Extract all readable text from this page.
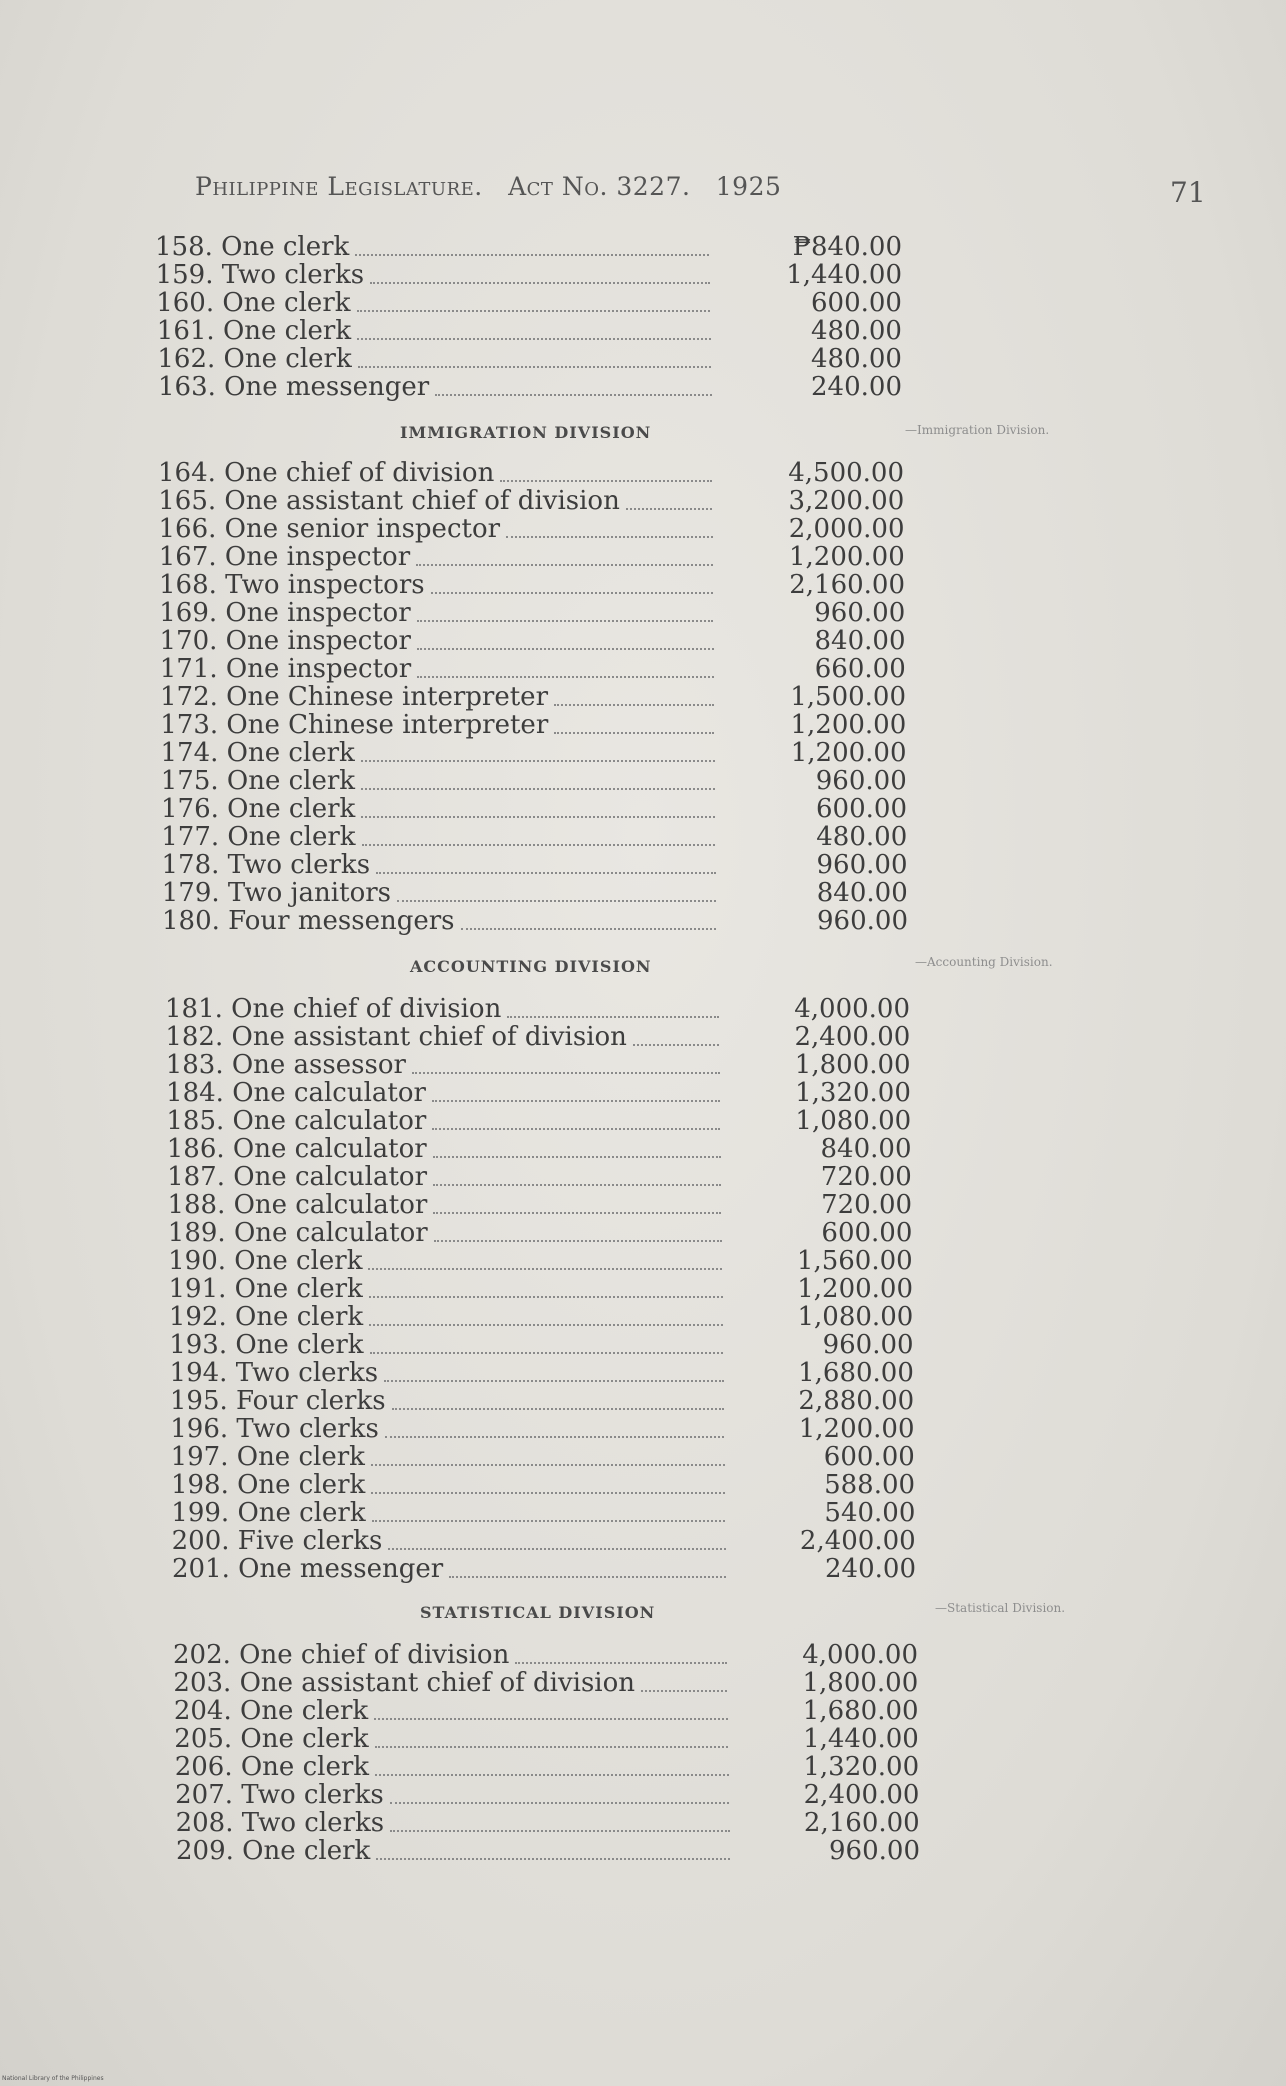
Philippine Legislature. Act No. 3227. 1925	71
158. One clerk	₱840.00
159. Two clerks	1,440.00
160. One clerk	600.00
161. One clerk	480.00
162. One clerk	480.00
163. One messenger	240.00
IMMIGRATION DIVISION	—Immigration Division.
164. One chief of division	4,500.00
165. One assistant chief of division	3,200.00
166. One senior inspector	2,000.00
167. One inspector	1,200.00
168. Two inspectors	2,160.00
169. One inspector	960.00
170. One inspector	840.00
171. One inspector	660.00
172. One Chinese interpreter	1,500.00
173. One Chinese interpreter	1,200.00
174. One clerk	1,200.00
175. One clerk	960.00
176. One clerk	600.00
177. One clerk	480.00
178. Two clerks	960.00
179. Two janitors	840.00
180. Four messengers	960.00
ACCOUNTING DIVISION	—Accounting Division.
181. One chief of division	4,000.00
182. One assistant chief of division	2,400.00
183. One assessor	1,800.00
184. One calculator	1,320.00
185. One calculator	1,080.00
186. One calculator	840.00
187. One calculator	720.00
188. One calculator	720.00
189. One calculator	600.00
190. One clerk	1,560.00
191. One clerk	1,200.00
192. One clerk	1,080.00
193. One clerk	960.00
194. Two clerks	1,680.00
195. Four clerks	2,880.00
196. Two clerks	1,200.00
197. One clerk	600.00
198. One clerk	588.00
199. One clerk	540.00
200. Five clerks	2,400.00
201. One messenger	240.00
STATISTICAL DIVISION	—Statistical Division.
202. One chief of division	4,000.00
203. One assistant chief of division	1,800.00
204. One clerk	1,680.00
205. One clerk	1,440.00
206. One clerk	1,320.00
207. Two clerks	2,400.00
208. Two clerks	2,160.00
209. One clerk	960.00
National Library of the Philippines
